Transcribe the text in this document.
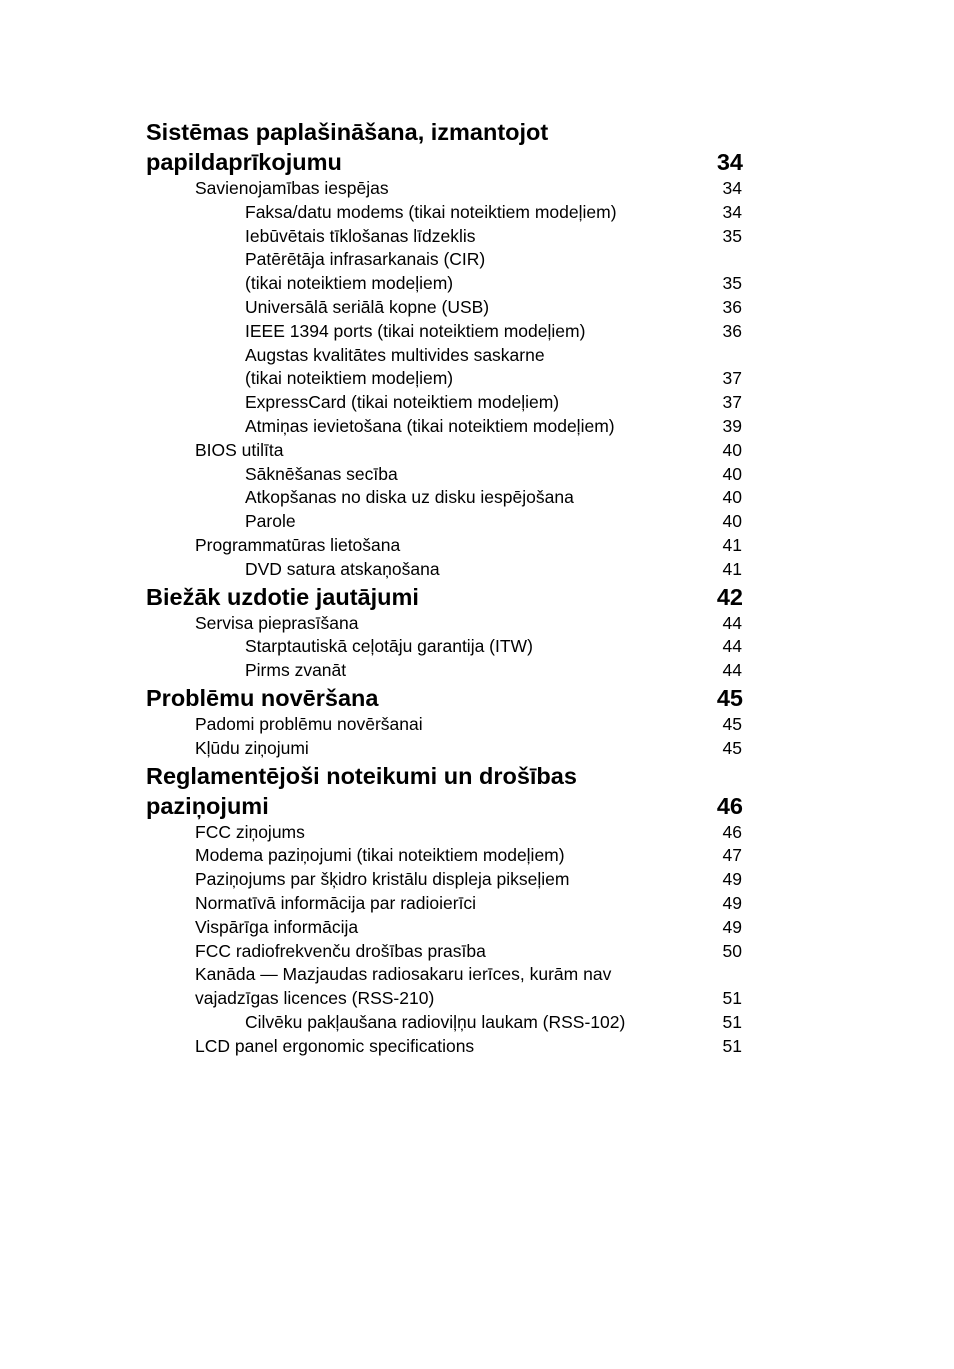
Sistēmas paplašināšana, izmantojot
papildaprīkojumu	34
Savienojamības iespējas	34
Faksa/datu modems (tikai noteiktiem modeļiem)	34
Iebūvētais tīklošanas līdzeklis	35
Patērētāja infrasarkanais (CIR)
(tikai noteiktiem modeļiem)	35
Universālā seriālā kopne (USB)	36
IEEE 1394 ports (tikai noteiktiem modeļiem)	36
Augstas kvalitātes multivides saskarne
(tikai noteiktiem modeļiem)	37
ExpressCard (tikai noteiktiem modeļiem)	37
Atmiņas ievietošana (tikai noteiktiem modeļiem)	39
BIOS utilīta	40
Sāknēšanas secība	40
Atkopšanas no diska uz disku iespējošana	40
Parole	40
Programmatūras lietošana	41
DVD satura atskaņošana	41
Biežāk uzdotie jautājumi	42
Servisa pieprasīšana	44
Starptautiskā ceļotāju garantija (ITW)	44
Pirms zvanāt	44
Problēmu novēršana	45
Padomi problēmu novēršanai	45
Kļūdu ziņojumi	45
Reglamentējoši noteikumi un drošības
paziņojumi	46
FCC ziņojums	46
Modema paziņojumi (tikai noteiktiem modeļiem)	47
Paziņojums par šķidro kristālu displeja pikseļiem	49
Normatīvā informācija par radioierīci	49
Vispārīga informācija	49
FCC radiofrekvenču drošības prasība	50
Kanāda — Mazjaudas radiosakaru ierīces, kurām nav
vajadzīgas licences (RSS-210)	51
Cilvēku pakļaušana radioviļņu laukam (RSS-102)	51
LCD panel ergonomic specifications	51
